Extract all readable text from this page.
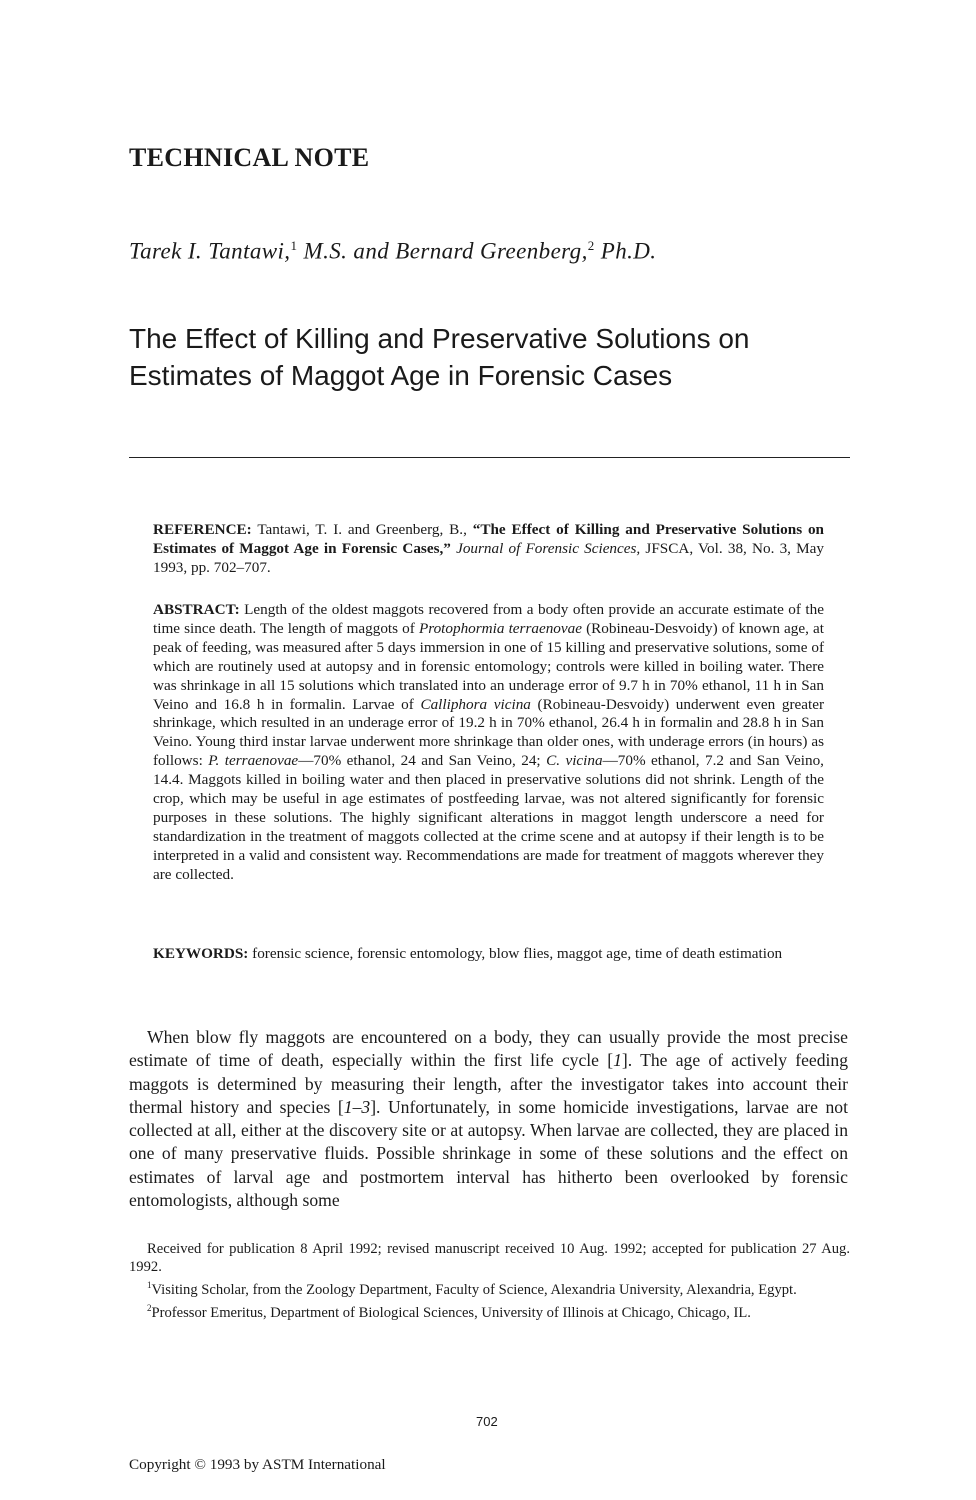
TECHNICAL NOTE
Tarek I. Tantawi,$^1$ M.S. and Bernard Greenberg,$^2$ Ph.D.
The Effect of Killing and Preservative Solutions on Estimates of Maggot Age in Forensic Cases
REFERENCE: Tantawi, T. I. and Greenberg, B., “The Effect of Killing and Preservative Solutions on Estimates of Maggot Age in Forensic Cases,” Journal of Forensic Sciences, JFSCA, Vol. 38, No. 3, May 1993, pp. 702–707.
ABSTRACT: Length of the oldest maggots recovered from a body often provide an accurate estimate of the time since death. The length of maggots of Protophormia terraenovae (Robineau-Desvoidy) of known age, at peak of feeding, was measured after 5 days immersion in one of 15 killing and preservative solutions, some of which are routinely used at autopsy and in forensic entomology; controls were killed in boiling water. There was shrinkage in all 15 solutions which translated into an underage error of 9.7 h in 70% ethanol, 11 h in San Veino and 16.8 h in formalin. Larvae of Calliphora vicina (Robineau-Desvoidy) underwent even greater shrinkage, which resulted in an underage error of 19.2 h in 70% ethanol, 26.4 h in formalin and 28.8 h in San Veino. Young third instar larvae underwent more shrinkage than older ones, with underage errors (in hours) as follows: P. terraenovae—70% ethanol, 24 and San Veino, 24; C. vicina—70% ethanol, 7.2 and San Veino, 14.4. Maggots killed in boiling water and then placed in preservative solutions did not shrink. Length of the crop, which may be useful in age estimates of postfeeding larvae, was not altered significantly for forensic purposes in these solutions. The highly significant alterations in maggot length underscore a need for standardization in the treatment of maggots collected at the crime scene and at autopsy if their length is to be interpreted in a valid and consistent way. Recommendations are made for treatment of maggots wherever they are collected.
KEYWORDS: forensic science, forensic entomology, blow flies, maggot age, time of death estimation
When blow fly maggots are encountered on a body, they can usually provide the most precise estimate of time of death, especially within the first life cycle [1]. The age of actively feeding maggots is determined by measuring their length, after the investigator takes into account their thermal history and species [1–3]. Unfortunately, in some homicide investigations, larvae are not collected at all, either at the discovery site or at autopsy. When larvae are collected, they are placed in one of many preservative fluids. Possible shrinkage in some of these solutions and the effect on estimates of larval age and postmortem interval has hitherto been overlooked by forensic entomologists, although some

Received for publication 8 April 1992; revised manuscript received 10 Aug. 1992; accepted for publication 27 Aug. 1992.

$^1$Visiting Scholar, from the Zoology Department, Faculty of Science, Alexandria University, Alexandria, Egypt.

$^2$Professor Emeritus, Department of Biological Sciences, University of Illinois at Chicago, Chicago, IL.

702
Copyright © 1993 by ASTM International
